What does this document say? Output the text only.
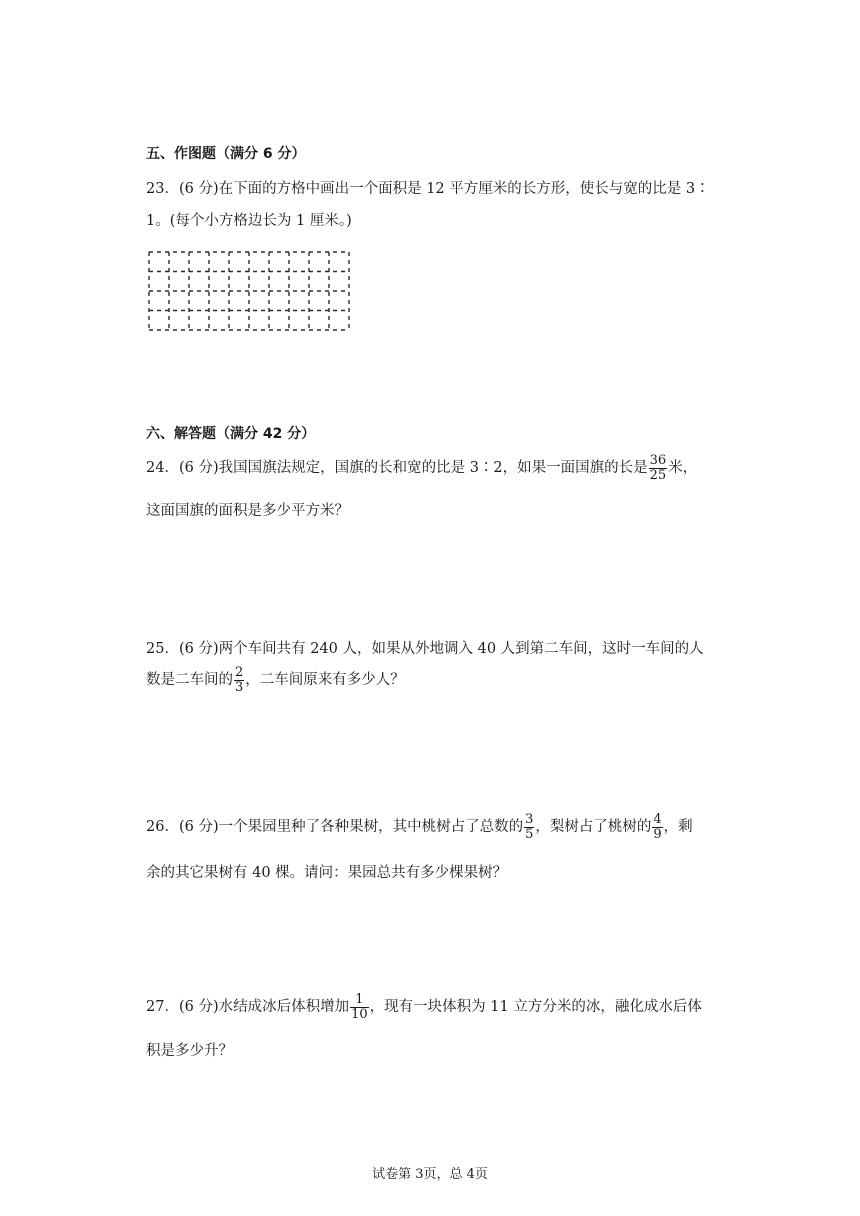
五、作图题（满分 6 分）
23．(6 分)在下面的方格中画出一个面积是 12 平方厘米的长方形，使长与宽的比是 3∶
1。(每个小方格边长为 1 厘米。)
六、解答题（满分 42 分）
24．(6 分)我国国旗法规定，国旗的长和宽的比是 3∶2，如果一面国旗的长是 $\frac{36}{25}$ 米，
这面国旗的面积是多少平方米？
25．(6 分)两个车间共有 240 人，如果从外地调入 40 人到第二车间，这时一车间的人
数是二车间的 $\frac{2}{3}$ ，二车间原来有多少人？
26．(6 分)一个果园里种了各种果树，其中桃树占了总数的 $\frac{3}{5}$ ，梨树占了桃树的 $\frac{4}{9}$ ，剩
余的其它果树有 40 棵。请问：果园总共有多少棵果树？
27．(6 分)水结成冰后体积增加 $\frac{1}{10}$ ，现有一块体积为 11 立方分米的冰，融化成水后体
积是多少升？
试卷第 3页，总 4页
